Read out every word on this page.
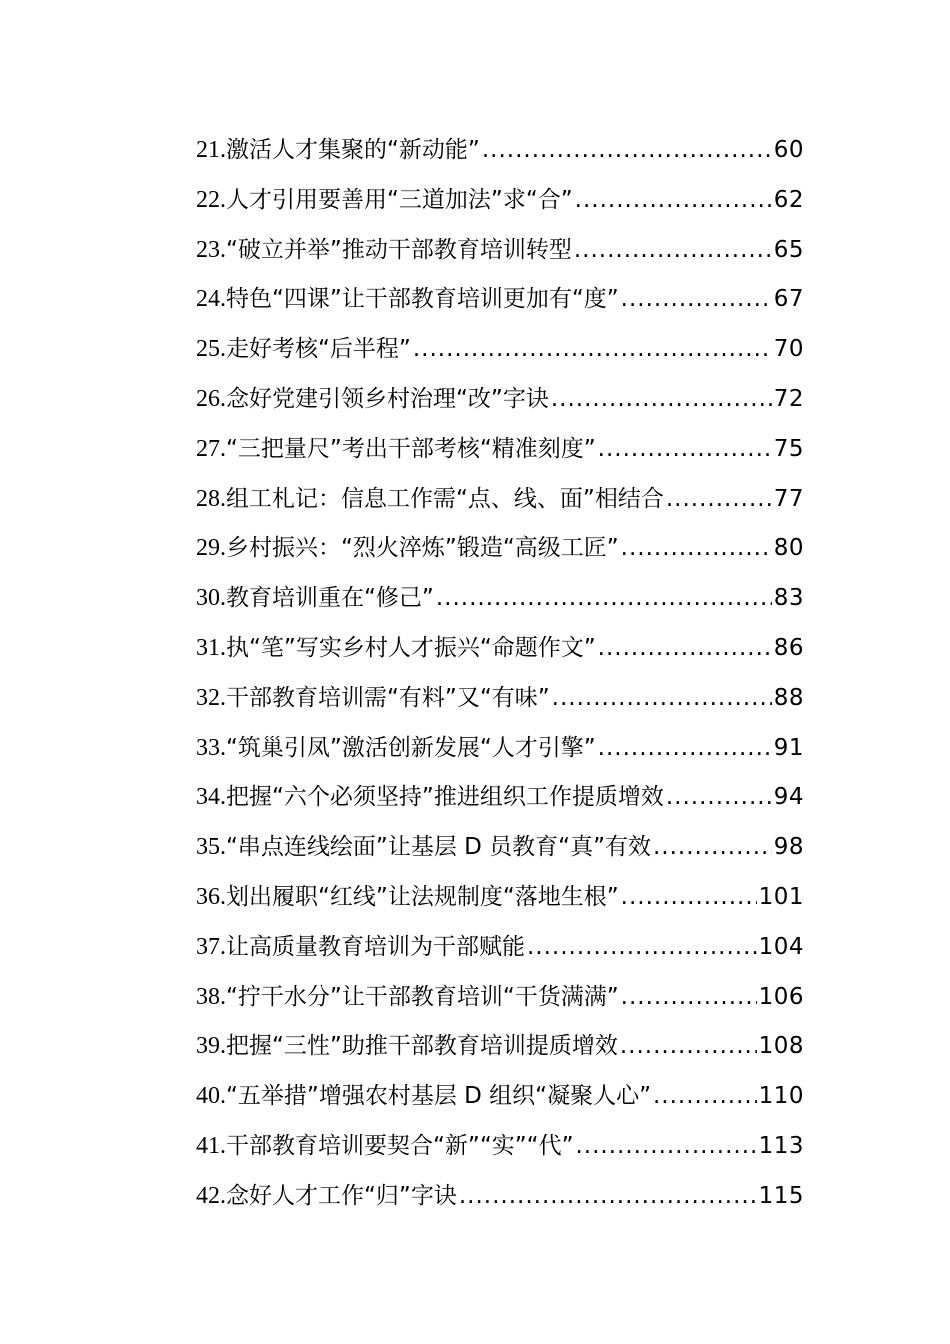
21. 激活人才集聚的“新动能” .....	60
22. 人才引用要善用“三道加法”求“合” .....	62
23. “破立并举”推动干部教育培训转型 .....	65
24. 特色“四课”让干部教育培训更加有“度” .....	67
25. 走好考核“后半程” .....	70
26. 念好党建引领乡村治理“改”字诀 .....	72
27. “三把量尺”考出干部考核“精准刻度” .....	75
28. 组工札记：信息工作需“点、线、面”相结合 .....	77
29. 乡村振兴：“烈火淬炼”锻造“高级工匠” .....	80
30. 教育培训重在“修己” .....	83
31. 执“笔”写实乡村人才振兴“命题作文” .....	86
32. 干部教育培训需“有料”又“有味” .....	88
33. “筑巢引凤”激活创新发展“人才引擎” .....	91
34. 把握“六个必须坚持”推进组织工作提质增效 .....	94
35. “串点连线绘面”让基层 D 员教育“真”有效 .....	98
36. 划出履职“红线”让法规制度“落地生根” .....	101
37. 让高质量教育培训为干部赋能 .....	104
38. “拧干水分”让干部教育培训“干货满满” .....	106
39. 把握“三性”助推干部教育培训提质增效 .....	108
40. “五举措”增强农村基层 D 组织“凝聚人心” .....	110
41. 干部教育培训要契合“新”“实”“代” .....	113
42. 念好人才工作“归”字诀 .....	115
